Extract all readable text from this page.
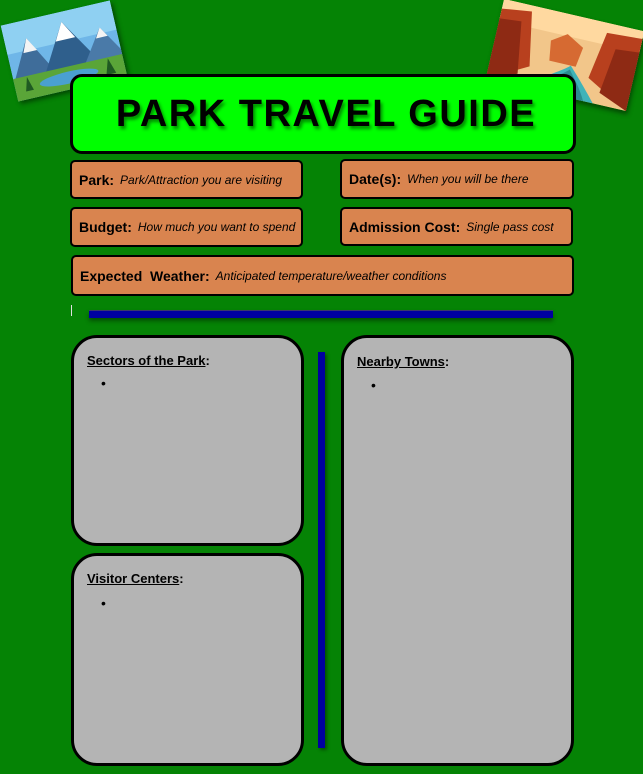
PARK TRAVEL GUIDE
Park: Park/Attraction you are visiting	Date(s): When you will be there
Budget: How much you want to spend	Admission Cost: Single pass cost
Expected  Weather: Anticipated temperature/weather conditions
Sectors of the Park:
•
Visitor Centers:
•
Nearby Towns:
•
